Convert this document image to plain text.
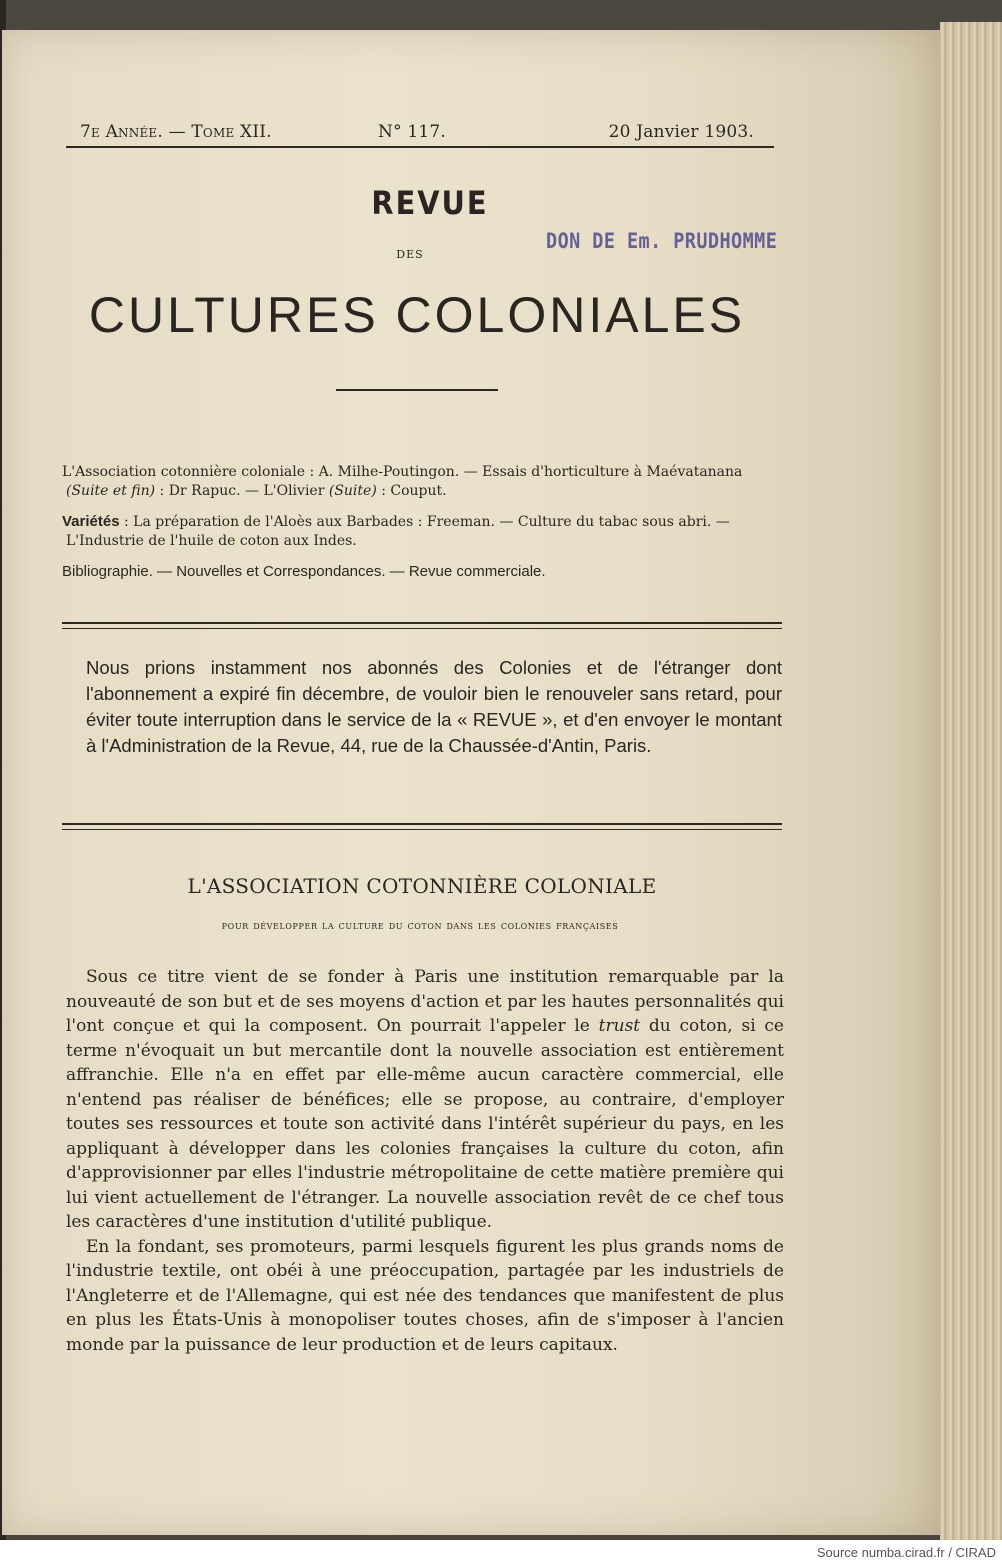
7e Année. — Tome XII.	N° 117.	20 Janvier 1903.
REVUE
DES
CULTURES COLONIALES
DON DE Em. PRUDHOMME
L'Association cotonnière coloniale : A. Milhe-Poutingon. — Essais d'horticulture à Maévatanana
(Suite et fin) : Dr Rapuc. — L'Olivier (Suite) : Couput.
Variétés : La préparation de l'Aloès aux Barbades : Freeman. — Culture du tabac sous abri. —
L'Industrie de l'huile de coton aux Indes.
Bibliographie. — Nouvelles et Correspondances. — Revue commerciale.

Nous prions instamment nos abonnés des Colonies et de l'étranger dont l'abonnement a expiré fin décembre, de vouloir bien le renouveler sans retard, pour éviter toute interruption dans le service de la « REVUE », et d'en envoyer le montant à l'Administration de la Revue, 44, rue de la Chaussée-d'Antin, Paris.

L'ASSOCIATION COTONNIÈRE COLONIALE
pour développer la culture du coton dans les colonies françaises

Sous ce titre vient de se fonder à Paris une institution remarquable par la nouveauté de son but et de ses moyens d'action et par les hautes personnalités qui l'ont conçue et qui la composent. On pourrait l'appeler le trust du coton, si ce terme n'évoquait un but mercantile dont la nouvelle association est entièrement affranchie. Elle n'a en effet par elle-même aucun caractère commercial, elle n'entend pas réaliser de bénéfices; elle se propose, au contraire, d'employer toutes ses ressources et toute son activité dans l'intérêt supérieur du pays, en les appliquant à développer dans les colonies françaises la culture du coton, afin d'approvisionner par elles l'industrie métropolitaine de cette matière première qui lui vient actuellement de l'étranger. La nouvelle association revêt de ce chef tous les caractères d'une institution d'utilité publique.

En la fondant, ses promoteurs, parmi lesquels figurent les plus grands noms de l'industrie textile, ont obéi à une préoccupation, partagée par les industriels de l'Angleterre et de l'Allemagne, qui est née des tendances que manifestent de plus en plus les États-Unis à monopoliser toutes choses, afin de s'imposer à l'ancien monde par la puissance de leur production et de leurs capitaux.

Source numba.cirad.fr / CIRAD
